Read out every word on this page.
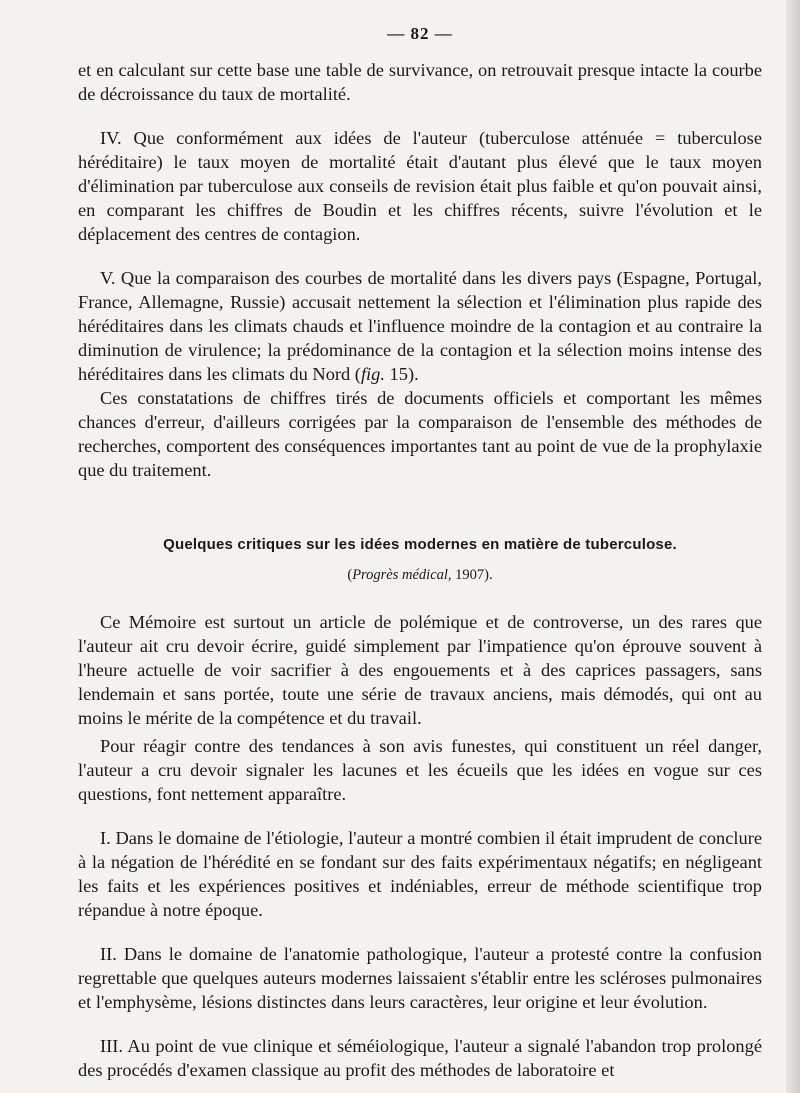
— 82 —

et en calculant sur cette base une table de survivance, on retrouvait presque intacte la courbe de décroissance du taux de mortalité.

IV. Que conformément aux idées de l'auteur (tuberculose atténuée = tuberculose héréditaire) le taux moyen de mortalité était d'autant plus élevé que le taux moyen d'élimination par tuberculose aux conseils de revision était plus faible et qu'on pouvait ainsi, en comparant les chiffres de Boudin et les chiffres récents, suivre l'évolution et le déplacement des centres de contagion.

V. Que la comparaison des courbes de mortalité dans les divers pays (Espagne, Portugal, France, Allemagne, Russie) accusait nettement la sélection et l'élimination plus rapide des héréditaires dans les climats chauds et l'influence moindre de la contagion et au contraire la diminution de virulence; la prédominance de la contagion et la sélection moins intense des héréditaires dans les climats du Nord (fig. 15).

Ces constatations de chiffres tirés de documents officiels et comportant les mêmes chances d'erreur, d'ailleurs corrigées par la comparaison de l'ensemble des méthodes de recherches, comportent des conséquences importantes tant au point de vue de la prophylaxie que du traitement.

Quelques critiques sur les idées modernes en matière de tuberculose.
(Progrès médical, 1907).

Ce Mémoire est surtout un article de polémique et de controverse, un des rares que l'auteur ait cru devoir écrire, guidé simplement par l'impatience qu'on éprouve souvent à l'heure actuelle de voir sacrifier à des engouements et à des caprices passagers, sans lendemain et sans portée, toute une série de travaux anciens, mais démodés, qui ont au moins le mérite de la compétence et du travail.

Pour réagir contre des tendances à son avis funestes, qui constituent un réel danger, l'auteur a cru devoir signaler les lacunes et les écueils que les idées en vogue sur ces questions, font nettement apparaître.

I. Dans le domaine de l'étiologie, l'auteur a montré combien il était imprudent de conclure à la négation de l'hérédité en se fondant sur des faits expérimentaux négatifs; en négligeant les faits et les expériences positives et indéniables, erreur de méthode scientifique trop répandue à notre époque.

II. Dans le domaine de l'anatomie pathologique, l'auteur a protesté contre la confusion regrettable que quelques auteurs modernes laissaient s'établir entre les scléroses pulmonaires et l'emphysème, lésions distinctes dans leurs caractères, leur origine et leur évolution.

III. Au point de vue clinique et séméiologique, l'auteur a signalé l'abandon trop prolongé des procédés d'examen classique au profit des méthodes de laboratoire et
